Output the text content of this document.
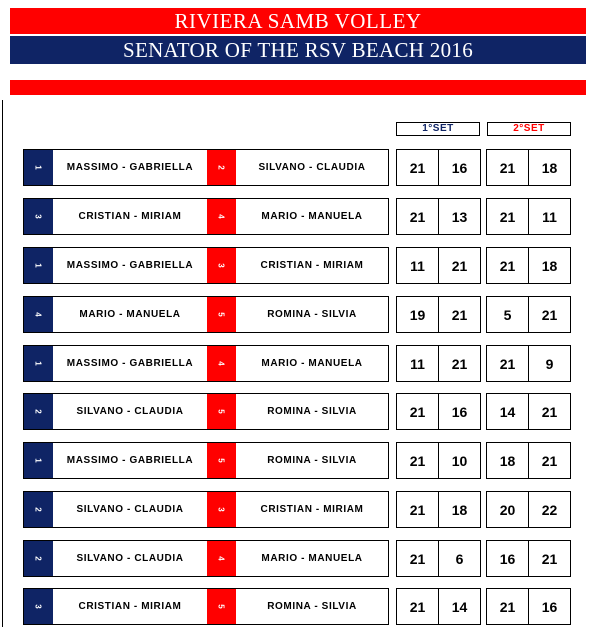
RIVIERA SAMB VOLLEY
SENATOR OF THE RSV BEACH 2016
1°SET	2°SET
1	MASSIMO - GABRIELLA	2	SILVANO - CLAUDIA	21	16	21	18
3	CRISTIAN - MIRIAM	4	MARIO - MANUELA	21	13	21	11
1	MASSIMO - GABRIELLA	3	CRISTIAN - MIRIAM	11	21	21	18
4	MARIO - MANUELA	5	ROMINA - SILVIA	19	21	5	21
1	MASSIMO - GABRIELLA	4	MARIO - MANUELA	11	21	21	9
2	SILVANO - CLAUDIA	5	ROMINA - SILVIA	21	16	14	21
1	MASSIMO - GABRIELLA	5	ROMINA - SILVIA	21	10	18	21
2	SILVANO - CLAUDIA	3	CRISTIAN - MIRIAM	21	18	20	22
2	SILVANO - CLAUDIA	4	MARIO - MANUELA	21	6	16	21
3	CRISTIAN - MIRIAM	5	ROMINA - SILVIA	21	14	21	16
